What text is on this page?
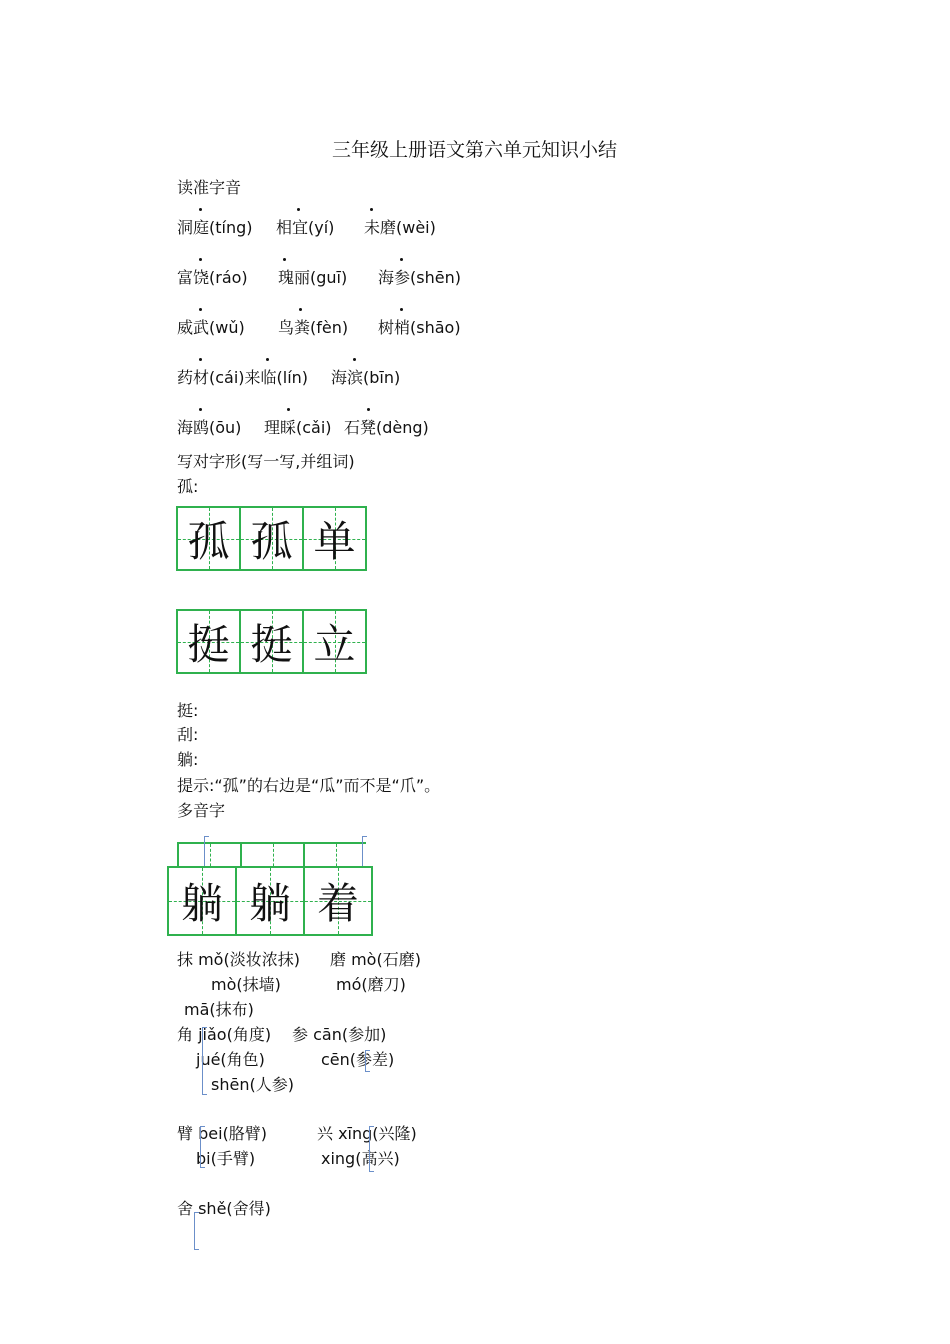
三年级上册语文第六单元知识小结
读准字音
洞庭(tíng) 相宜(yí) 未磨(wèi)
富饶(ráo) 瑰丽(guī) 海参(shēn)
威武(wǔ) 鸟粪(fèn) 树梢(shāo)
药材(cái)来临(lín) 海滨(bīn)
海鸥(ōu) 理睬(cǎi) 石凳(dèng)
写对字形(写一写,并组词)
孤:
孤 孤 单
挺 挺 立
挺:
刮:
躺:
提示:“孤”的右边是“瓜”而不是“爪”。
多音字
躺 躺 着
抹 mǒ(淡妆浓抹) 磨 mò(石磨)
mò(抹墙)	mó(磨刀)
mā(抹布)
角 jiǎo(角度) 参 cān(参加)
jué(角色)	cēn(参差)
shēn(人参)
臂 bei(胳臂)	兴 xīng(兴隆)
bi(手臂)	xing(高兴)
舍 shě(舍得)
